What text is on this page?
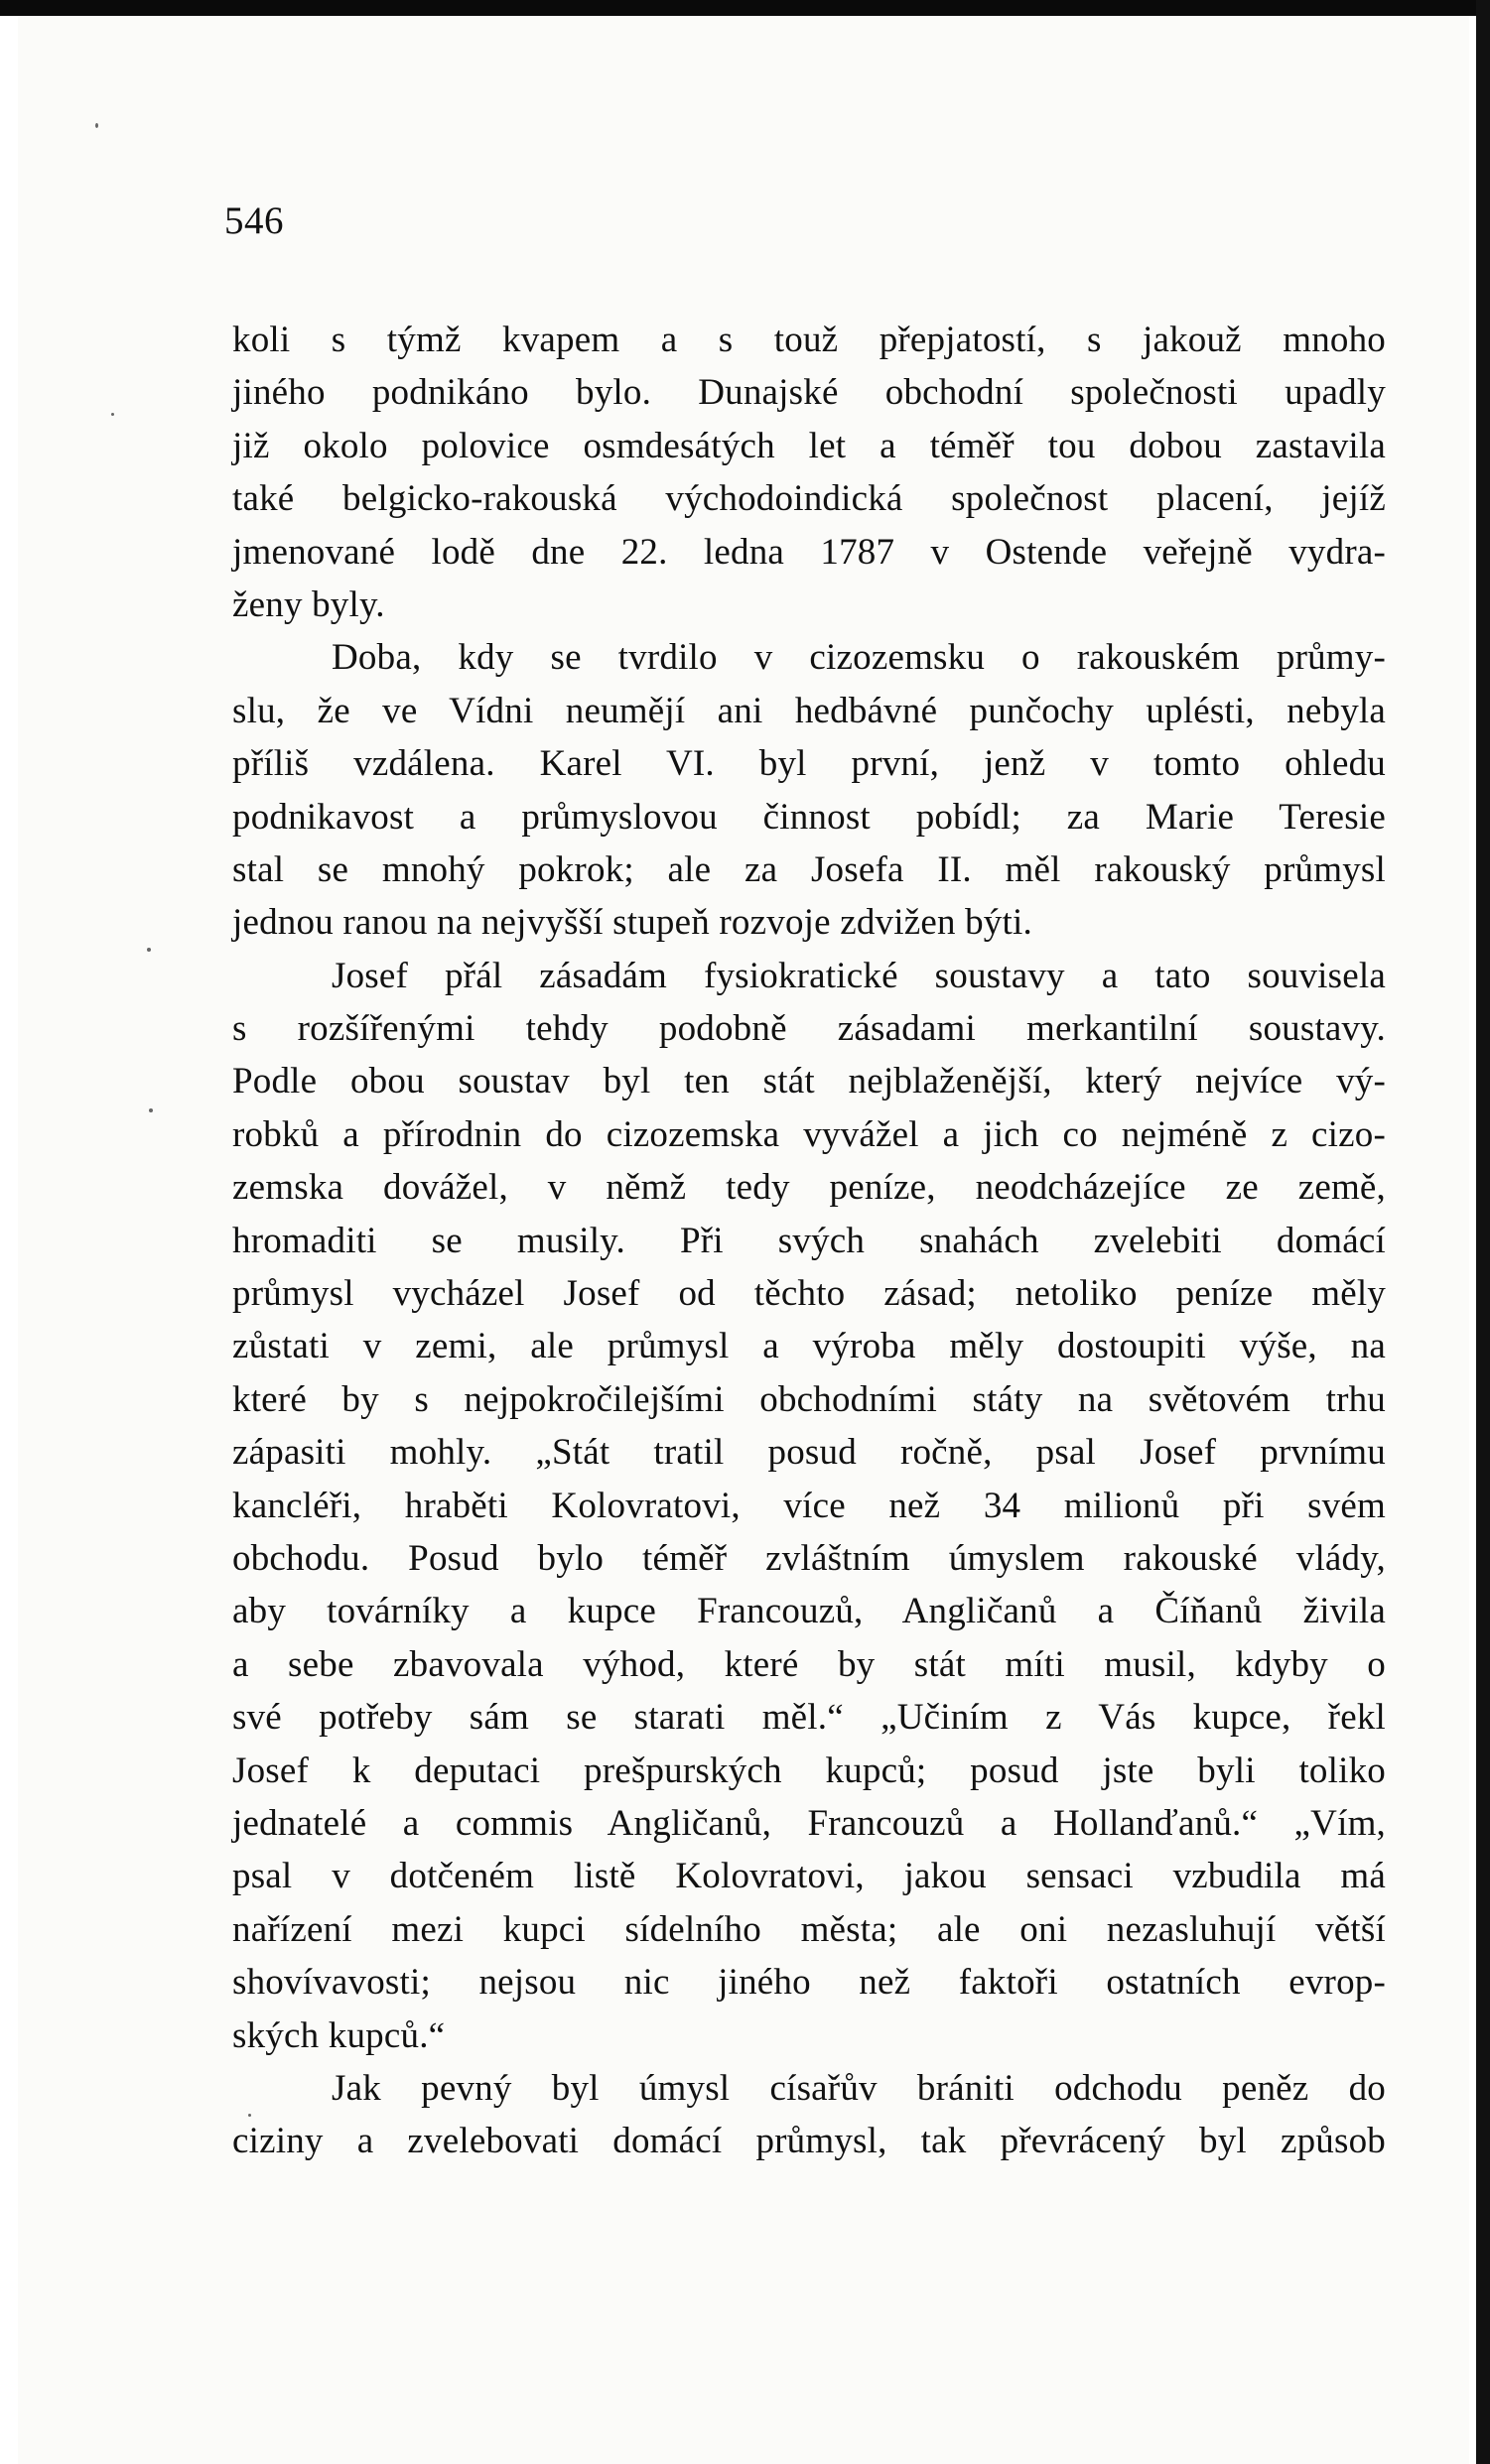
546
koli s týmž kvapem a s touž přepjatostí, s jakouž mnoho
jiného podnikáno bylo. Dunajské obchodní společnosti upadly
již okolo polovice osmdesátých let a téměř tou dobou zastavila
také belgicko-rakouská východoindická společnost placení, jejíž
jmenované lodě dne 22. ledna 1787 v Ostende veřejně vydra-
ženy byly.
Doba, kdy se tvrdilo v cizozemsku o rakouském průmy-
slu, že ve Vídni neumějí ani hedbávné punčochy uplésti, nebyla
příliš vzdálena. Karel VI. byl první, jenž v tomto ohledu
podnikavost a průmyslovou činnost pobídl; za Marie Teresie
stal se mnohý pokrok; ale za Josefa II. měl rakouský průmysl
jednou ranou na nejvyšší stupeň rozvoje zdvižen býti.
Josef přál zásadám fysiokratické soustavy a tato souvisela
s rozšířenými tehdy podobně zásadami merkantilní soustavy.
Podle obou soustav byl ten stát nejblaženější, který nejvíce vý-
robků a přírodnin do cizozemska vyvážel a jich co nejméně z cizo-
zemska dovážel, v němž tedy peníze, neodcházejíce ze země,
hromaditi se musily. Při svých snahách zvelebiti domácí
průmysl vycházel Josef od těchto zásad; netoliko peníze měly
zůstati v zemi, ale průmysl a výroba měly dostoupiti výše, na
které by s nejpokročilejšími obchodními státy na světovém trhu
zápasiti mohly. „Stát tratil posud ročně, psal Josef prvnímu
kancléři, hraběti Kolovratovi, více než 34 milionů při svém
obchodu. Posud bylo téměř zvláštním úmyslem rakouské vlády,
aby továrníky a kupce Francouzů, Angličanů a Číňanů živila
a sebe zbavovala výhod, které by stát míti musil, kdyby o
své potřeby sám se starati měl.“ „Učiním z Vás kupce, řekl
Josef k deputaci prešpurských kupců; posud jste byli toliko
jednatelé a commis Angličanů, Francouzů a Hollanďanů.“ „Vím,
psal v dotčeném listě Kolovratovi, jakou sensaci vzbudila má
nařízení mezi kupci sídelního města; ale oni nezasluhují větší
shovívavosti; nejsou nic jiného než faktoři ostatních evrop-
ských kupců.“
Jak pevný byl úmysl císařův brániti odchodu peněz do
ciziny a zvelebovati domácí průmysl, tak převrácený byl způsob
